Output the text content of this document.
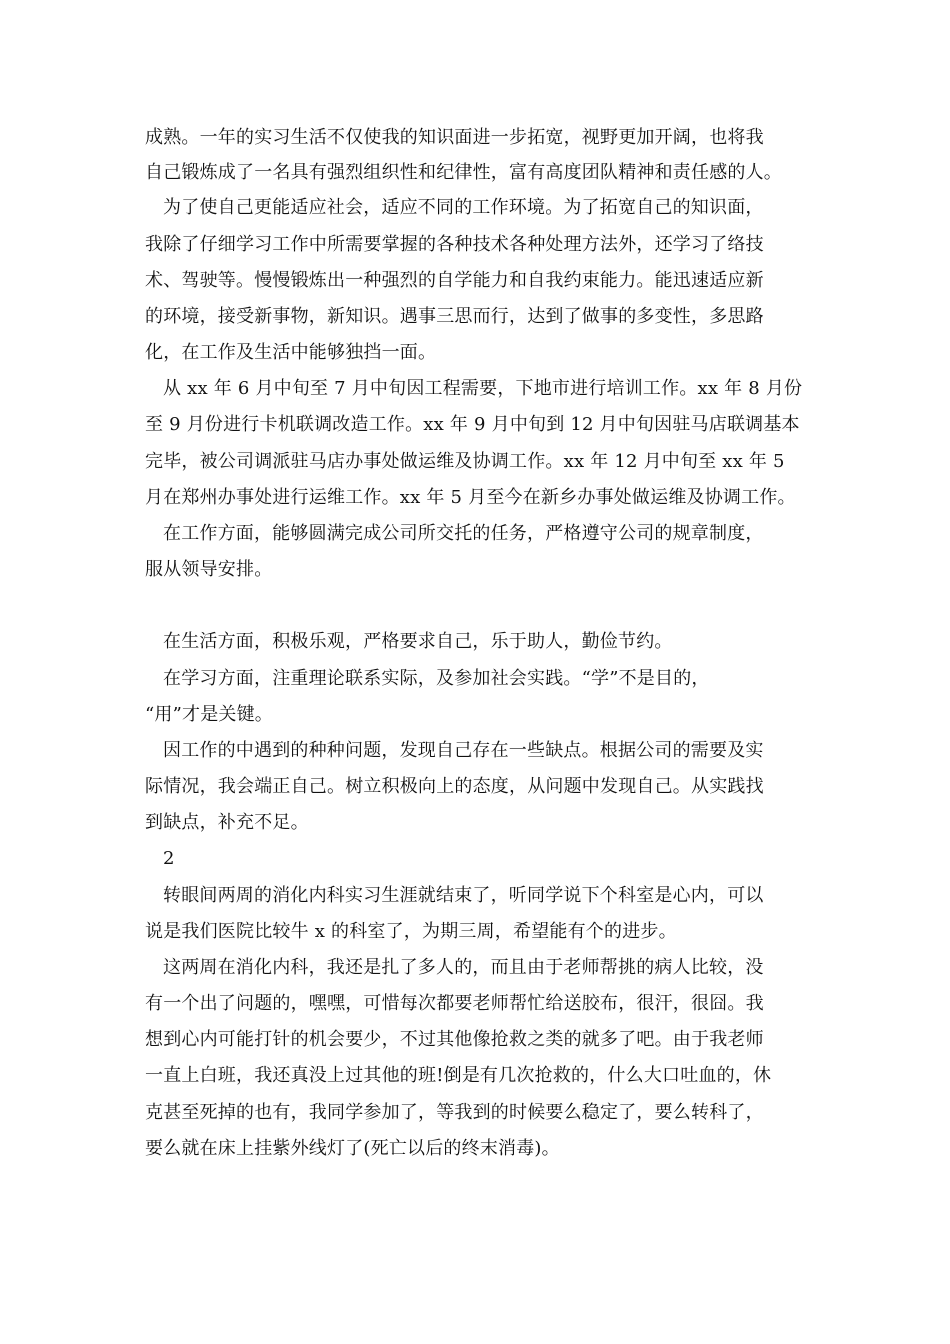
成熟。一年的实习生活不仅使我的知识面进一步拓宽，视野更加开阔，也将我
自己锻炼成了一名具有强烈组织性和纪律性，富有高度团队精神和责任感的人。
为了使自己更能适应社会，适应不同的工作环境。为了拓宽自己的知识面，
我除了仔细学习工作中所需要掌握的各种技术各种处理方法外，还学习了络技
术、驾驶等。慢慢锻炼出一种强烈的自学能力和自我约束能力。能迅速适应新
的环境，接受新事物，新知识。遇事三思而行，达到了做事的多变性，多思路
化，在工作及生活中能够独挡一面。
从 xx 年 6 月中旬至 7 月中旬因工程需要，下地市进行培训工作。xx 年 8 月份
至 9 月份进行卡机联调改造工作。xx 年 9 月中旬到 12 月中旬因驻马店联调基本
完毕，被公司调派驻马店办事处做运维及协调工作。xx 年 12 月中旬至 xx 年 5
月在郑州办事处进行运维工作。xx 年 5 月至今在新乡办事处做运维及协调工作。
在工作方面，能够圆满完成公司所交托的任务，严格遵守公司的规章制度，
服从领导安排。
在生活方面，积极乐观，严格要求自己，乐于助人，勤俭节约。
在学习方面，注重理论联系实际，及参加社会实践。“学”不是目的，
“用”才是关键。
因工作的中遇到的种种问题，发现自己存在一些缺点。根据公司的需要及实
际情况，我会端正自己。树立积极向上的态度，从问题中发现自己。从实践找
到缺点，补充不足。
2
转眼间两周的消化内科实习生涯就结束了，听同学说下个科室是心内，可以
说是我们医院比较牛 x 的科室了，为期三周，希望能有个的进步。
这两周在消化内科，我还是扎了多人的，而且由于老师帮挑的病人比较，没
有一个出了问题的，嘿嘿，可惜每次都要老师帮忙给送胶布，很汗，很囧。我
想到心内可能打针的机会要少，不过其他像抢救之类的就多了吧。由于我老师
一直上白班，我还真没上过其他的班!倒是有几次抢救的，什么大口吐血的，休
克甚至死掉的也有，我同学参加了，等我到的时候要么稳定了，要么转科了，
要么就在床上挂紫外线灯了(死亡以后的终末消毒)。
